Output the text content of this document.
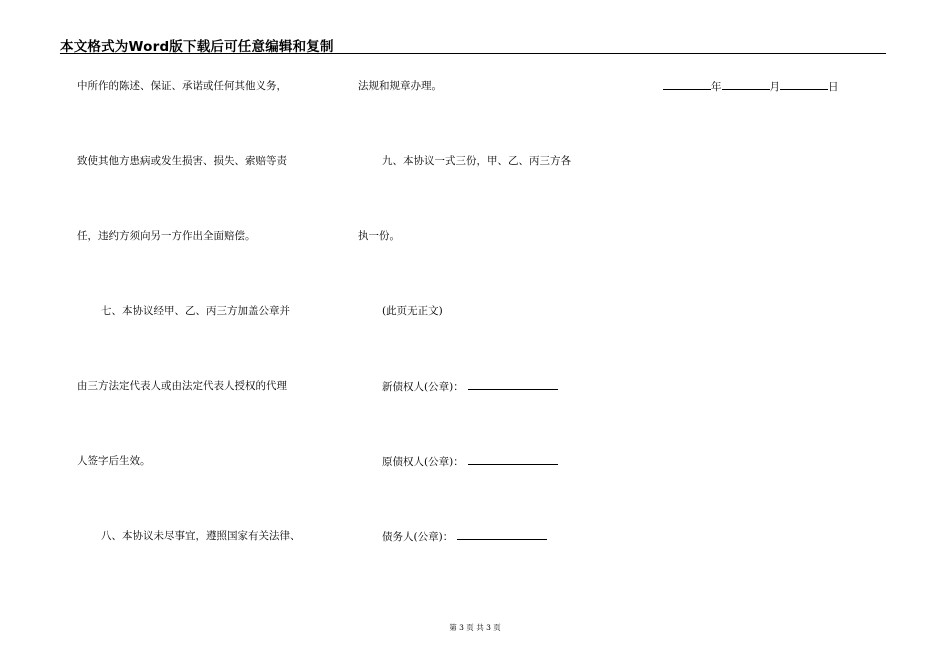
本文格式为Word版下载后可任意编辑和复制
中所作的陈述、保证、承诺或任何其他义务，
致使其他方患病或发生损害、损失、索赔等责
任，违约方须向另一方作出全面赔偿。
七、本协议经甲、乙、丙三方加盖公章并
由三方法定代表人或由法定代表人授权的代理
人签字后生效。
八、本协议未尽事宜，遵照国家有关法律、
法规和规章办理。
九、本协议一式三份，甲、乙、丙三方各
执一份。
(此页无正文)
新债权人(公章)：
原债权人(公章)：
债务人(公章)：
年	月	日
第 3 页 共 3 页
